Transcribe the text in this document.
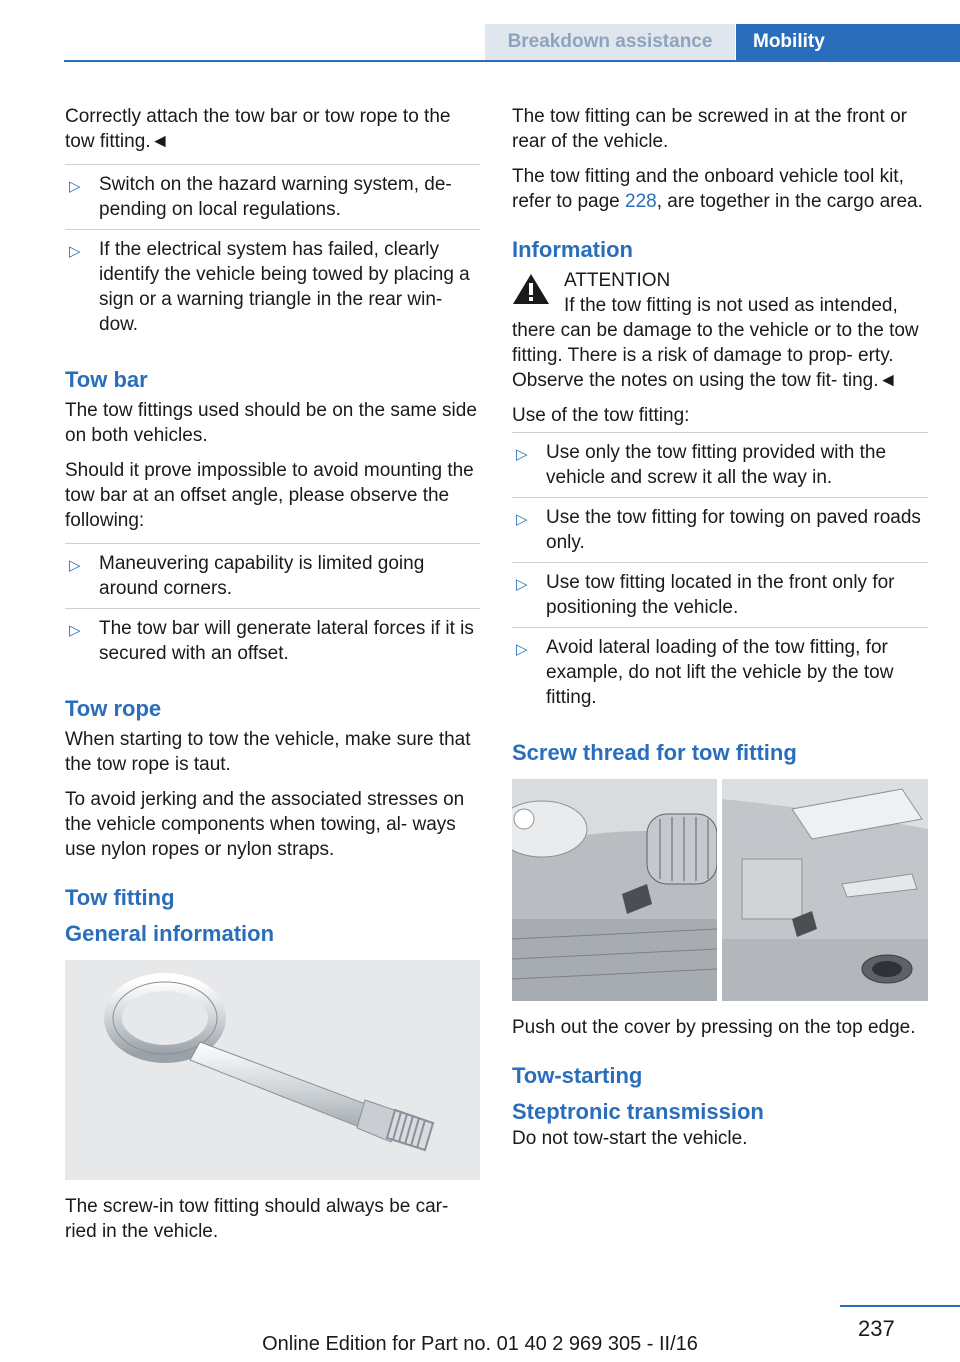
Breakdown assistance	Mobility

Correctly attach the tow bar or tow rope to the tow fitting.◄

▷ Switch on the hazard warning system, de‐ pending on local regulations.
▷ If the electrical system has failed, clearly identify the vehicle being towed by placing a sign or a warning triangle in the rear win‐ dow.
Tow bar

The tow fittings used should be on the same side on both vehicles.

Should it prove impossible to avoid mounting the tow bar at an offset angle, please observe the following:

▷ Maneuvering capability is limited going around corners.
▷ The tow bar will generate lateral forces if it is secured with an offset.
Tow rope

When starting to tow the vehicle, make sure that the tow rope is taut.

To avoid jerking and the associated stresses on the vehicle components when towing, al‐ ways use nylon ropes or nylon straps.

Tow fitting
General information

The screw-in tow fitting should always be car‐ ried in the vehicle.

The tow fitting can be screwed in at the front or rear of the vehicle.

The tow fitting and the onboard vehicle tool kit, refer to page 228, are together in the cargo area.

Information

ATTENTION

If the tow fitting is not used as intended, there can be damage to the vehicle or to the tow fitting. There is a risk of damage to prop‐ erty. Observe the notes on using the tow fit‐ ting.◄

Use of the tow fitting:

▷ Use only the tow fitting provided with the vehicle and screw it all the way in.
▷ Use the tow fitting for towing on paved roads only.
▷ Use tow fitting located in the front only for positioning the vehicle.
▷ Avoid lateral loading of the tow fitting, for example, do not lift the vehicle by the tow fitting.
Screw thread for tow fitting

Push out the cover by pressing on the top edge.

Tow-starting
Steptronic transmission

Do not tow-start the vehicle.

237
Online Edition for Part no. 01 40 2 969 305 - II/16
